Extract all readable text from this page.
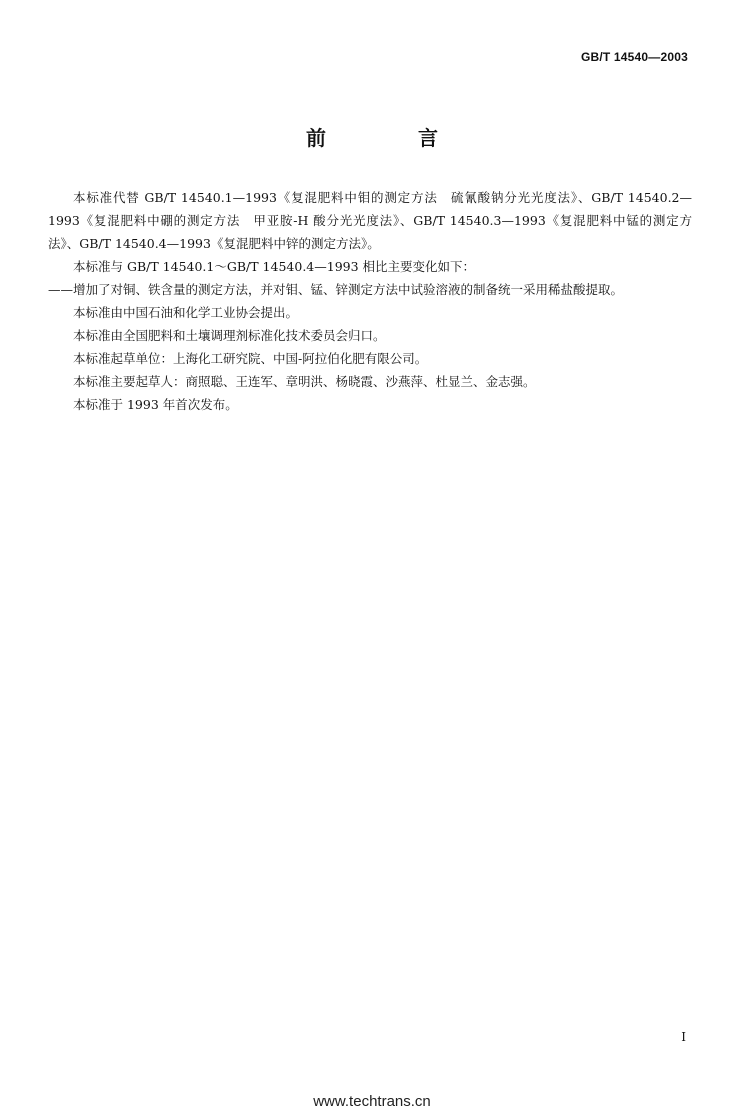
GB/T 14540—2003
前　言

本标准代替 GB/T 14540.1—1993《复混肥料中钼的测定方法　硫氰酸钠分光光度法》、GB/T 14540.2—1993《复混肥料中硼的测定方法　甲亚胺-H 酸分光光度法》、GB/T 14540.3—1993《复混肥料中锰的测定方法》、GB/T 14540.4—1993《复混肥料中锌的测定方法》。

本标准与 GB/T 14540.1～GB/T 14540.4—1993 相比主要变化如下：

——增加了对铜、铁含量的测定方法，并对钼、锰、锌测定方法中试验溶液的制备统一采用稀盐酸提取。

本标准由中国石油和化学工业协会提出。

本标准由全国肥料和土壤调理剂标准化技术委员会归口。

本标准起草单位：上海化工研究院、中国-阿拉伯化肥有限公司。

本标准主要起草人：商照聪、王连军、章明洪、杨晓霞、沙燕萍、杜显兰、金志强。

本标准于 1993 年首次发布。

I
www.techtrans.cn
